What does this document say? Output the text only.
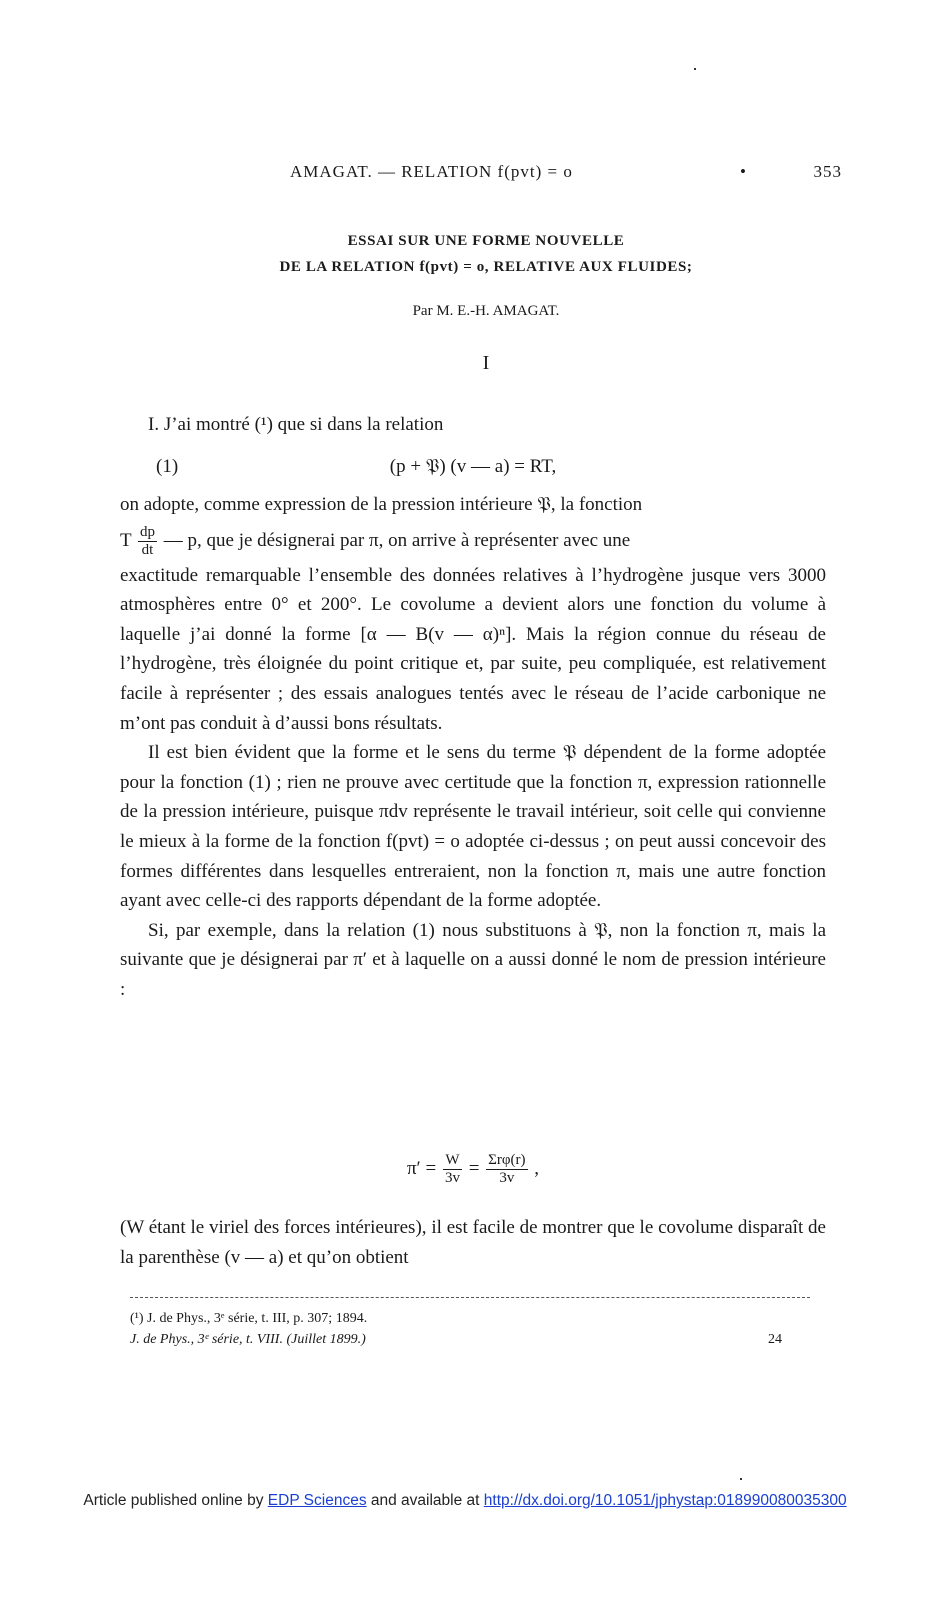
AMAGAT. — RELATION f(pvt) = o	•	353
ESSAI SUR UNE FORME NOUVELLE
DE LA RELATION f(pvt) = o, RELATIVE AUX FLUIDES;
Par M. E.-H. AMAGAT.
I

I. J’ai montré (¹) que si dans la relation

(1)	(p + 𝔓) (v — a) = RT,

on adopte, comme expression de la pression intérieure 𝔓, la fonction

T $\frac{dp}{dt}$ — p, que je désignerai par π, on arrive à représenter avec une

exactitude remarquable l’ensemble des données relatives à l’hydrogène jusque vers 3000 atmosphères entre 0° et 200°. Le covolume a devient alors une fonction du volume à laquelle j’ai donné la forme [α — B(v — α)ⁿ]. Mais la région connue du réseau de l’hydrogène, très éloignée du point critique et, par suite, peu compliquée, est relativement facile à représenter ; des essais analogues tentés avec le réseau de l’acide carbonique ne m’ont pas conduit à d’aussi bons résultats.

Il est bien évident que la forme et le sens du terme 𝔓 dépendent de la forme adoptée pour la fonction (1) ; rien ne prouve avec certitude que la fonction π, expression rationnelle de la pression intérieure, puisque πdv représente le travail intérieur, soit celle qui convienne le mieux à la forme de la fonction f(pvt) = o adoptée ci-dessus ; on peut aussi concevoir des formes différentes dans lesquelles entreraient, non la fonction π, mais une autre fonction ayant avec celle-ci des rapports dépendant de la forme adoptée.

Si, par exemple, dans la relation (1) nous substituons à 𝔓, non la fonction π, mais la suivante que je désignerai par π′ et à laquelle on a aussi donné le nom de pression intérieure :

$\pi' = \frac{W}{3v} = \frac{\text{Σrφ(r)}}{3v}$ ,

(W étant le viriel des forces intérieures), il est facile de montrer que le covolume disparaît de la parenthèse (v — a) et qu’on obtient

(¹) J. de Phys., 3ᵉ série, t. III, p. 307; 1894.
J. de Phys., 3ᵉ série, t. VIII. (Juillet 1899.)	24
Article published online by EDP Sciences and available at http://dx.doi.org/10.1051/jphystap:018990080035300
